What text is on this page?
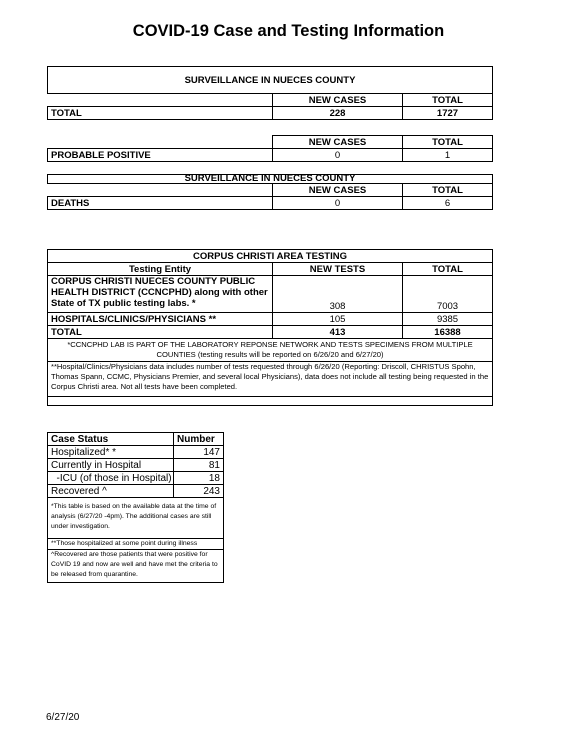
COVID-19 Case and Testing Information
SURVEILLANCE IN NUECES COUNTY		
	NEW CASES	TOTAL
TOTAL	228	1727
	NEW CASES	TOTAL
PROBABLE POSITIVE	0	1
SURVEILLANCE IN NUECES COUNTY		
	NEW CASES	TOTAL
DEATHS	0	6
CORPUS CHRISTI AREA TESTING		
Testing Entity	NEW TESTS	TOTAL
CORPUS CHRISTI NUECES COUNTY PUBLIC HEALTH DISTRICT (CCNCPHD) along with other State of TX public testing labs. *	308	7003
HOSPITALS/CLINICS/PHYSICIANS **	105	9385
TOTAL	413	16388
*CCNCPHD LAB IS PART OF THE LABORATORY REPONSE NETWORK AND TESTS SPECIMENS FROM MULTIPLE COUNTIES (testing results will be reported on 6/26/20 and 6/27/20)		
**Hospital/Clinics/Physicians data includes number of tests requested through 6/26/20 (Reporting: Driscoll, CHRISTUS Spohn, Thomas Spann, CCMC, Physicians Premier, and several local Physicians), data does not include all testing being requested in the Corpus Christi area. Not all tests have been completed.		

Case Status	Number
Hospitalized* *	147
Currently in Hospital	81
-ICU (of those in Hospital)	18
Recovered ^	243
*This table is based on the available data at the time of analysis (6/27/20 -4pm). The additional cases are still under investigation.	
**Those hospitalized at some point during illness	
^Recovered are those patients that were positive for CoVID 19 and now are well and have met the criteria to be released from quarantine.	
6/27/20
